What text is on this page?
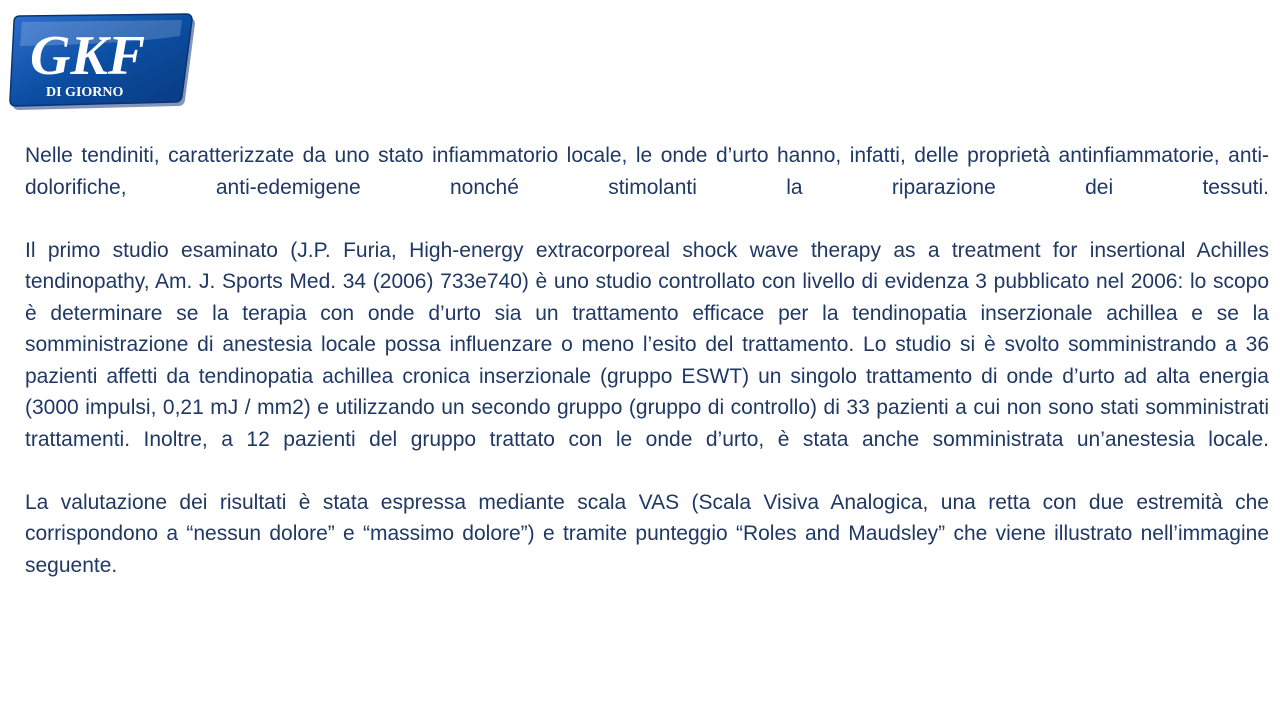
GKF
DI GIORNO

Nelle tendiniti, caratterizzate da uno stato infiammatorio locale, le onde d’urto hanno, infatti, delle proprietà antinfiammatorie, anti-dolorifiche, anti-edemigene nonché stimolanti la riparazione dei tessuti.

Il primo studio esaminato (J.P. Furia, High-energy extracorporeal shock wave therapy as a treatment for insertional Achilles tendinopathy, Am. J. Sports Med. 34 (2006) 733e740) è uno studio controllato con livello di evidenza 3 pubblicato nel 2006: lo scopo è determinare se la terapia con onde d’urto sia un trattamento efficace per la tendinopatia inserzionale achillea e se la somministrazione di anestesia locale possa influenzare o meno l’esito del trattamento. Lo studio si è svolto somministrando a 36 pazienti affetti da tendinopatia achillea cronica inserzionale (gruppo ESWT) un singolo trattamento di onde d’urto ad alta energia (3000 impulsi, 0,21 mJ / mm2) e utilizzando un secondo gruppo (gruppo di controllo) di 33 pazienti a cui non sono stati somministrati trattamenti. Inoltre, a 12 pazienti del gruppo trattato con le onde d’urto, è stata anche somministrata un’anestesia locale.

La valutazione dei risultati è stata espressa mediante scala VAS (Scala Visiva Analogica, una retta con due estremità che corrispondono a “nessun dolore” e “massimo dolore”) e tramite punteggio “Roles and Maudsley” che viene illustrato nell’immagine seguente.
